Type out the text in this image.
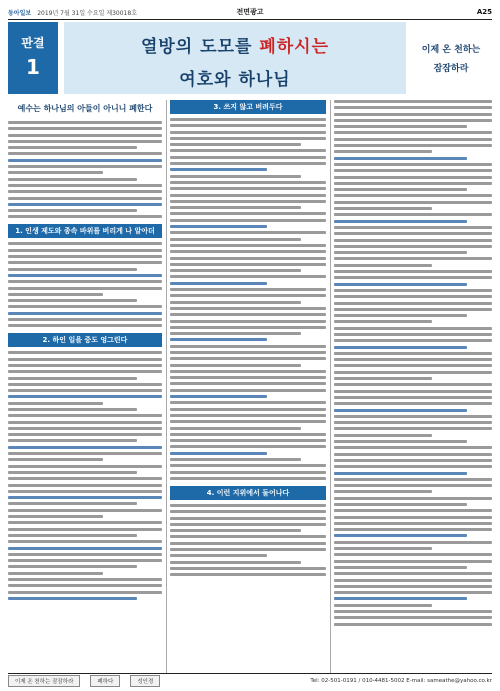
동아일보 2019년 7월 31일 수요일 제30018호	전면광고	A25
판결
1
열방의 도모를 폐하시는
여호와 하나님
이제 온 천하는
잠잠하라
예수는 하나님의 아들이 아니니 폐한다
1. 인생 제도와 종속 바위를 버리게 나 알아더
2. 하인 일을 중도 엉그린다
3. 쓰지 않고 버려두다
4. 이런 지위에서 둘어나다
이제 온 천하는 잠잠하라	폐하다	성인경	Tel: 02-501-0191 / 010-4481-5002 E-mail: sameathe@yahoo.co.kr
